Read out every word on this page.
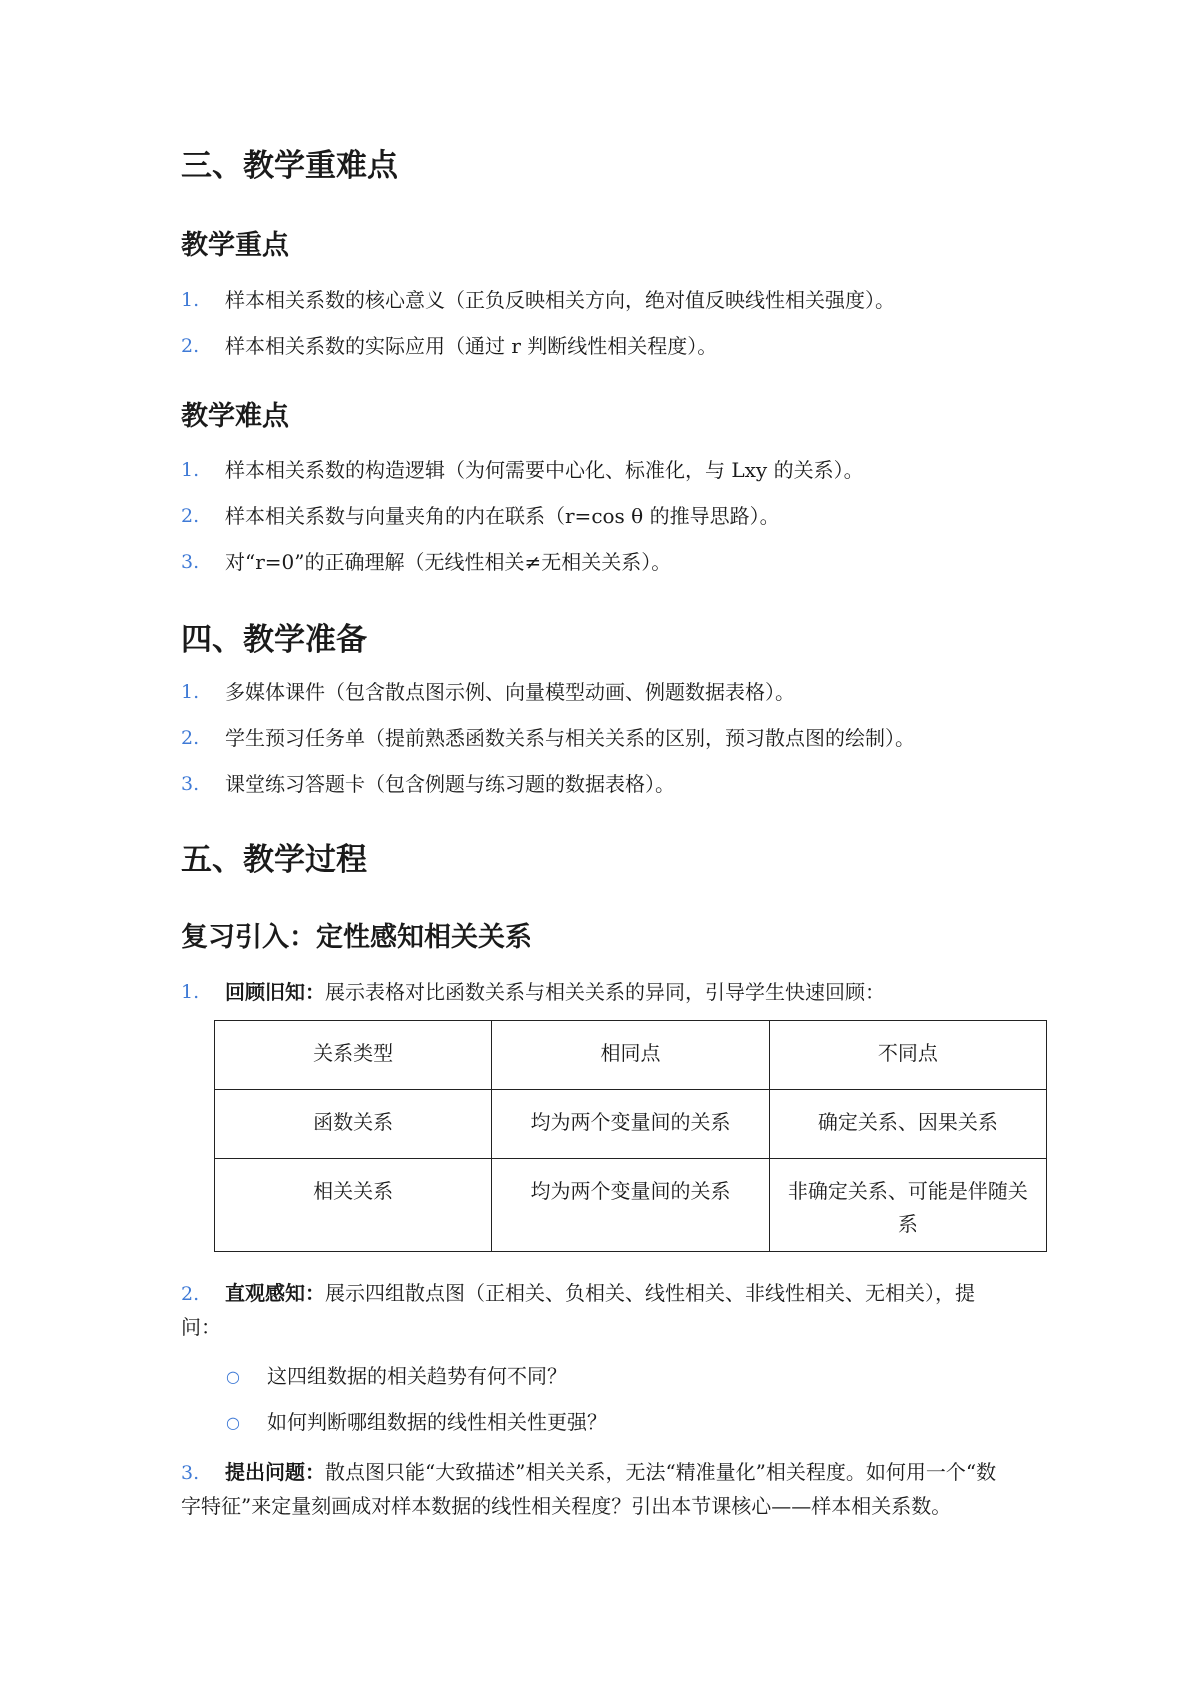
三、教学重难点
教学重点
1. 样本相关系数的核心意义（正负反映相关方向，绝对值反映线性相关强度）。
2. 样本相关系数的实际应用（通过 r 判断线性相关程度）。
教学难点
1. 样本相关系数的构造逻辑（为何需要中心化、标准化，与 Lxy 的关系）。
2. 样本相关系数与向量夹角的内在联系（r=cos θ 的推导思路）。
3. 对“r=0”的正确理解（无线性相关≠无相关关系）。
四、教学准备
1. 多媒体课件（包含散点图示例、向量模型动画、例题数据表格）。
2. 学生预习任务单（提前熟悉函数关系与相关关系的区别，预习散点图的绘制）。
3. 课堂练习答题卡（包含例题与练习题的数据表格）。
五、教学过程
复习引入：定性感知相关关系
1. 回顾旧知：展示表格对比函数关系与相关关系的异同，引导学生快速回顾：
关系类型	相同点	不同点
函数关系	均为两个变量间的关系	确定关系、因果关系
相关关系	均为两个变量间的关系	非确定关系、可能是伴随关系
2. 直观感知：展示四组散点图（正相关、负相关、线性相关、非线性相关、无相关），提问：
○ 这四组数据的相关趋势有何不同？
○ 如何判断哪组数据的线性相关性更强？
3. 提出问题：散点图只能“大致描述”相关关系，无法“精准量化”相关程度。如何用一个“数字特征”来定量刻画成对样本数据的线性相关程度？引出本节课核心——样本相关系数。
